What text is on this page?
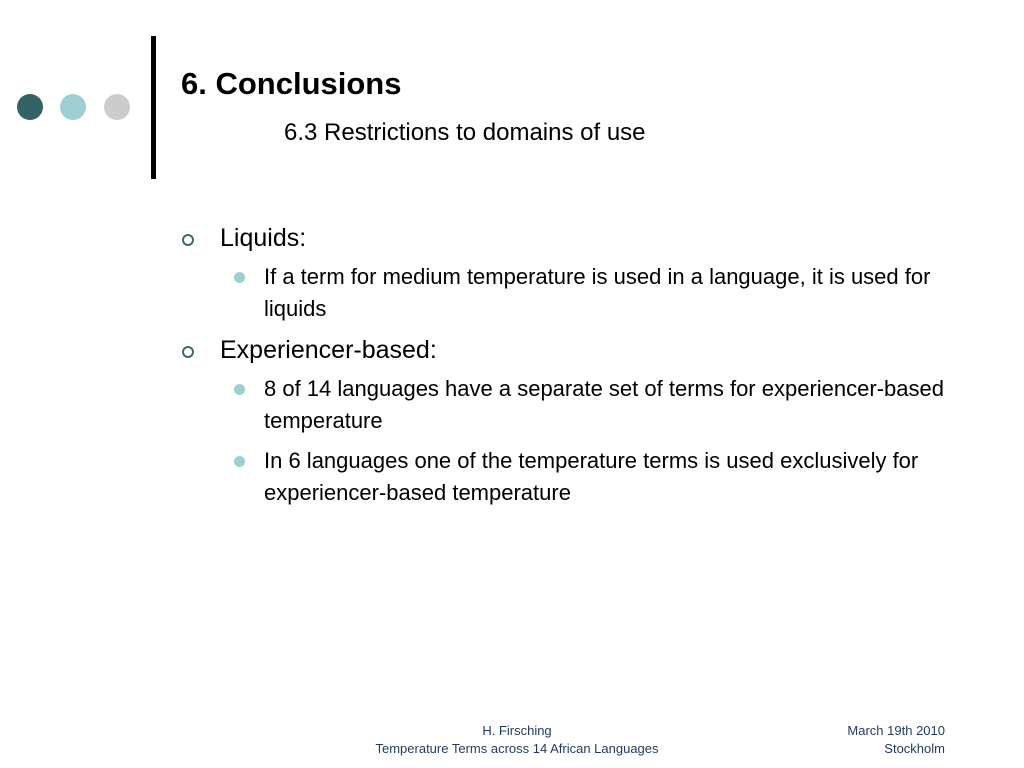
6. Conclusions
6.3 Restrictions to domains of use
Liquids:
If a term for medium temperature is used in a language, it is used for liquids
Experiencer-based:
8 of 14 languages have a separate set of terms for experiencer-based temperature
In 6 languages one of the temperature terms is used exclusively for experiencer-based temperature
H. Firsching
Temperature Terms across 14 African Languages
March 19th 2010
Stockholm
